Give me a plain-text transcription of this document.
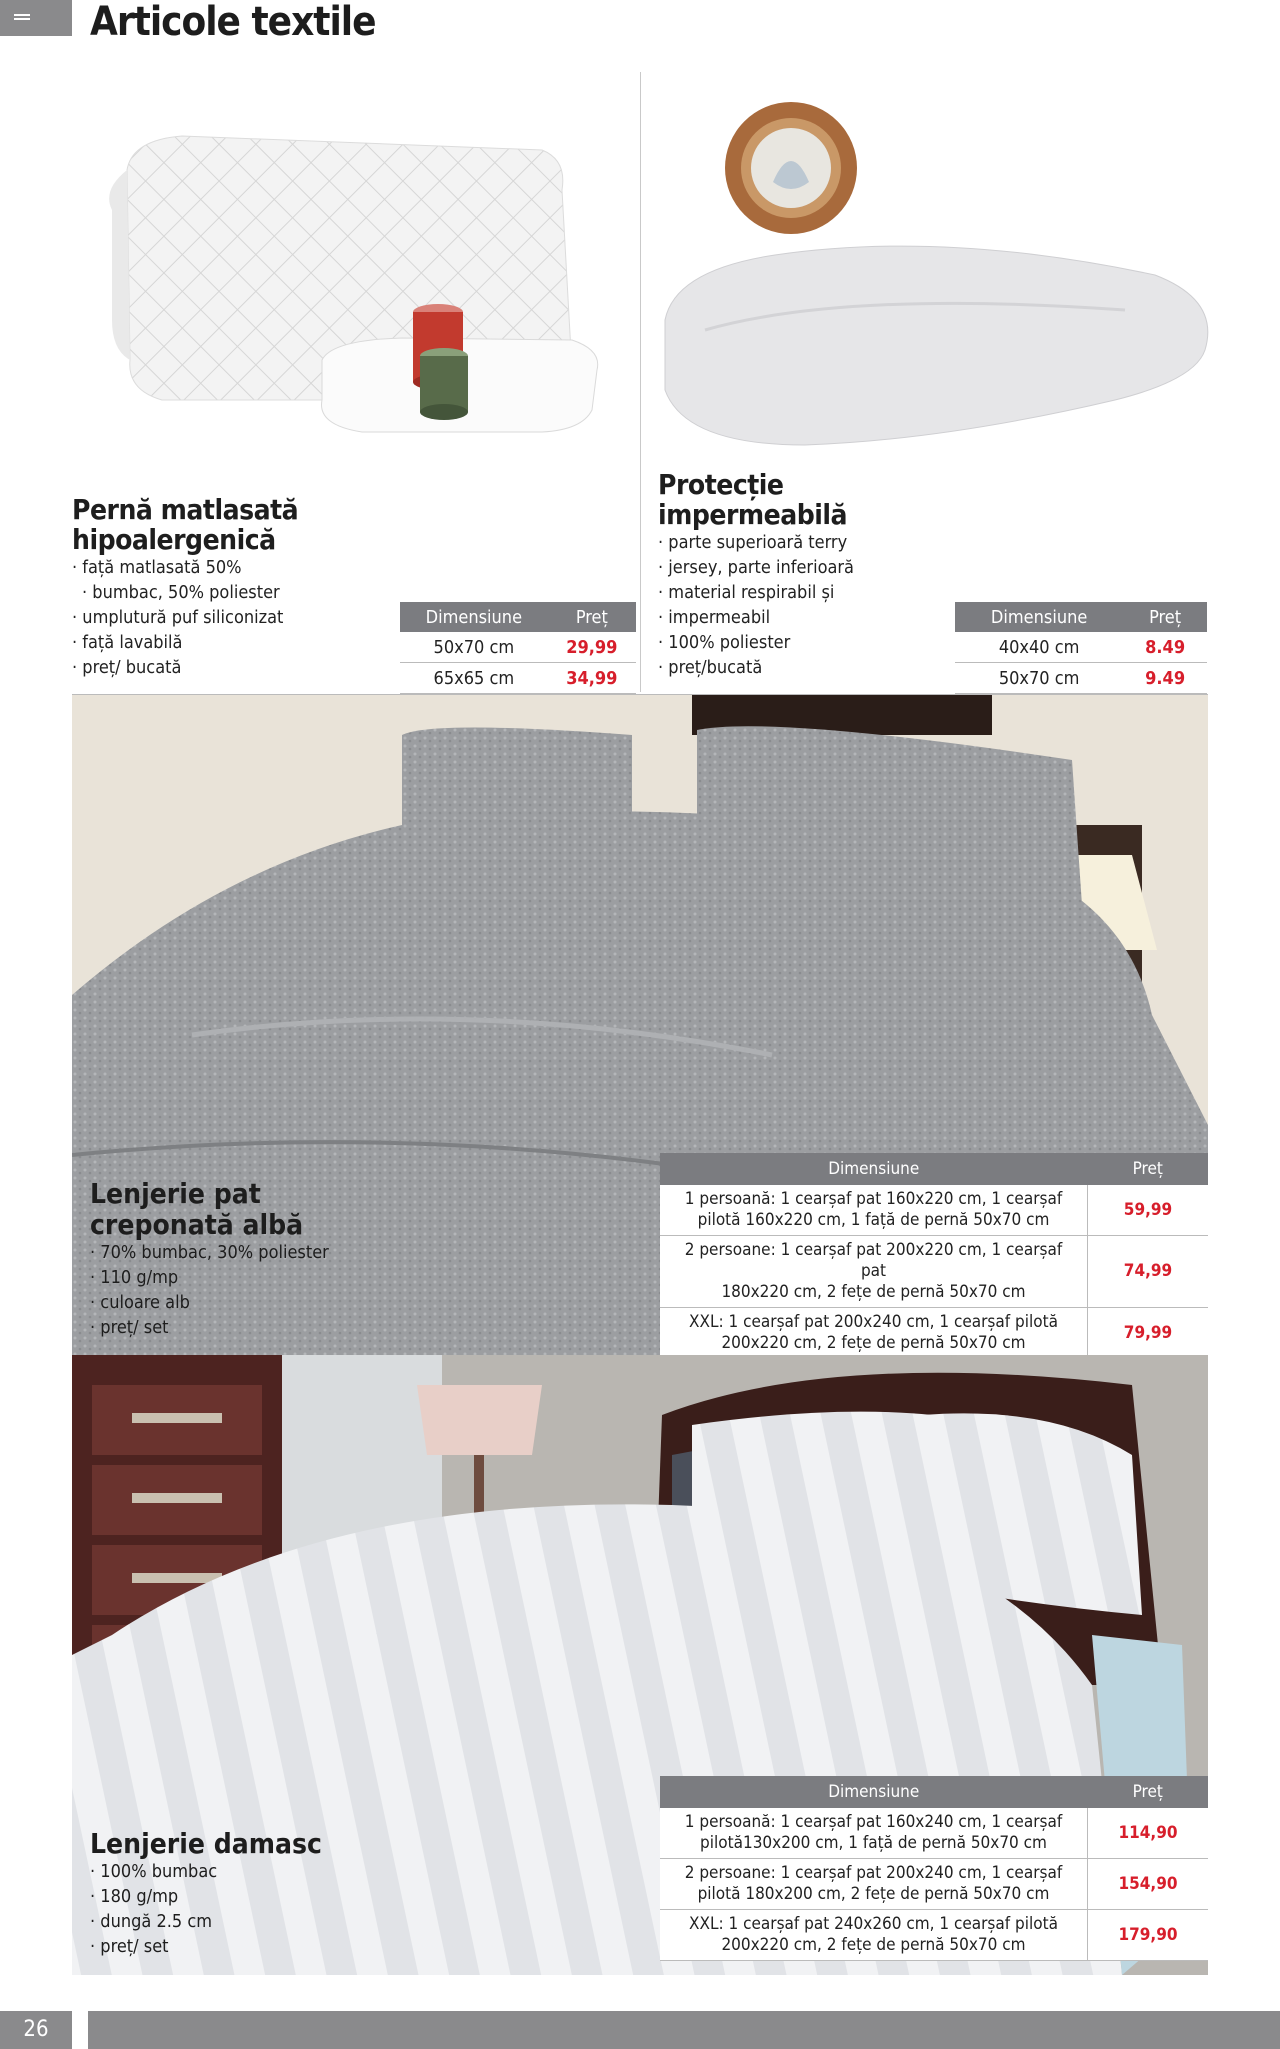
Articole textile
Pernă matlasată
hipoalergenică
· față matlasată 50%
· bumbac, 50% poliester
· umplutură puf siliconizat
· față lavabilă
· preț/ bucată
Dimensiune	Preț
50x70 cm	29,99
65x65 cm	34,99
Protecție
impermeabilă
· parte superioară terry
· jersey, parte inferioară
· material respirabil și
· impermeabil
· 100% poliester
· preț/bucată
Dimensiune	Preț
40x40 cm	8.49
50x70 cm	9.49
Lenjerie pat
creponată albă
· 70% bumbac, 30% poliester
· 110 g/mp
· culoare alb
· preț/ set
Dimensiune	Preț
1 persoană: 1 cearșaf pat 160x220 cm, 1 cearșaf
pilotă 160x220 cm, 1 față de pernă 50x70 cm	59,99
2 persoane: 1 cearșaf pat 200x220 cm, 1 cearșaf pat
180x220 cm, 2 fețe de pernă 50x70 cm	74,99
XXL: 1 cearșaf pat 200x240 cm, 1 cearșaf pilotă
200x220 cm, 2 fețe de pernă 50x70 cm	79,99
Lenjerie damasc
· 100% bumbac
· 180 g/mp
· dungă 2.5 cm
· preț/ set
Dimensiune	Preț
1 persoană: 1 cearșaf pat 160x240 cm, 1 cearșaf
pilotă130x200 cm, 1 față de pernă 50x70 cm	114,90
2 persoane: 1 cearșaf pat 200x240 cm, 1 cearșaf
pilotă 180x200 cm, 2 fețe de pernă 50x70 cm	154,90
XXL: 1 cearșaf pat 240x260 cm, 1 cearșaf pilotă
200x220 cm, 2 fețe de pernă 50x70 cm	179,90
26
